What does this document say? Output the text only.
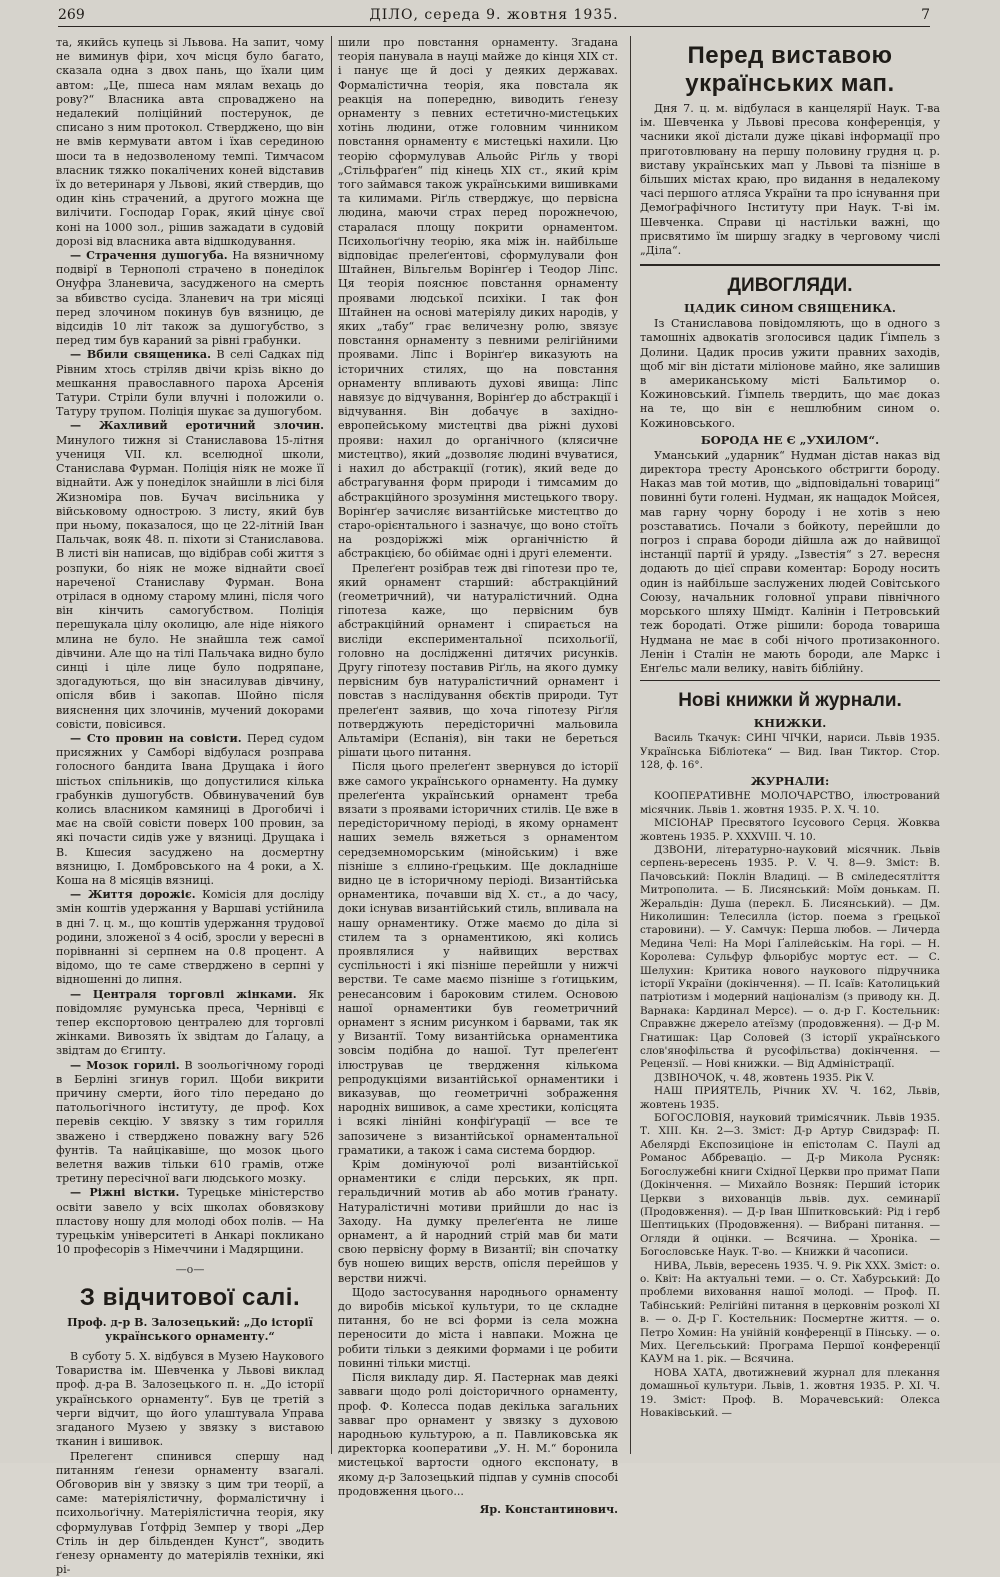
269	ДІЛО, середа 9. жовтня 1935.	7

та, якийсь купець зі Львова. На запит, чому не виминув фіри, хоч місця було багато, сказала одна з двох пань, що їхали цим автом: „Це, пшеса нам мялам вехаць до рову?“ Власника авта спроваджено на недалекий поліційний постерунок, де списано з ним протокол. Стверджено, що він не вмів кермувати автом і їхав серединою шоси та в недозволеному темпі. Тимчасом власник тяжко покалічених коней відставив їх до ветеринаря у Львові, який ствердив, що один кінь страчений, а другого можна ще вилічити. Господар Горак, який цінує свої коні на 1000 зол., рішив зажадати в судовій дорозі від власника авта відшкодування.

— Страчення душогуба. На вязничному подвірї в Тернополі страчено в понеділок Онуфра Зланевича, засудженого на смерть за вбивство сусіда. Зланевич на три місяці перед злочином покинув був вязницю, де відсидів 10 літ також за душогубство, з перед тим був караний за рівні грабунки.

— Вбили священика. В селі Садках під Рівним хтось стріляв двічи крізь вікно до мешкання православного пароха Арсенія Татури. Стріли були влучні і положили о. Татуру трупом. Поліція шукає за душогубом.

— Жахливий еротичний злочин. Минулого тижня зі Станиславова 15-літня учениця VII. кл. вселюдної школи, Станислава Фурман. Поліція ніяк не може її віднайти. Аж у понеділок знайшли в лісі біля Жизноміра пов. Бучач висільника у військовому однострою. З листу, який був при ньому, показалося, що це 22-літній Іван Пальчак, вояк 48. п. піхоти зі Станиславова. В листі він написав, що відібрав собі життя з розпуки, бо ніяк не може віднайти своєї нареченої Станиславу Фурман. Вона отрілася в одному старому млині, після чого він кінчить самогубством. Поліція перешукала цілу околицю, але ніде ніякого млина не було. Не знайшла теж самої дівчини. Але що на тілі Пальчака видно було синці і ціле лице було подряпане, здогадуються, що він знасилував дівчину, опісля вбив і закопав. Шойно після вияснення цих злочинів, мучений докорами совісти, повісився.

— Сто провин на совісти. Перед судом присяжних у Самборі відбулася розправа голосного бандита Івана Друщака і його шістьох спільників, що допустилися кілька грабунків душогубств. Обвинувачений був колись власником камяниці в Дрогобичі і має на своїй совісти поверх 100 провин, за які почасти сидів уже у вязниці. Друщака і В. Кшесия засуджено на досмертну вязницю, І. Домбровського на 4 роки, а Х. Коша на 8 місяців вязниці.

— Життя дорожіє. Комісія для досліду змін коштів удержання у Варшаві устійнила в дні 7. ц. м., що коштів удержання трудової родини, зложеної з 4 осіб, зросли у вересні в порівнанні зі серпнем на 0.8 процент. А відомо, що те саме стверджено в серпні у відношенні до липня.

— Централя торговлі жінками. Як повідомляє румунська преса, Чернівці є тепер експортовою централею для торговлі жінками. Вивозять їх звідтам до Ґалацу, а звідтам до Єгипту.

— Мозок горилі. В зоольогічному городі в Берліні згинув горил. Щоби викрити причину смерти, його тіло передано до патольогічного інституту, де проф. Кох перевів секцію. У звязку з тим горилля зважено і стверджено поважну вагу 526 фунтів. Та найцікавіше, що мозок цього велетня важив тільки 610 грамів, отже третину пересічної ваги людського мозку.

— Ріжні вістки. Турецьке міністерство освіти завело у всіх школах обовязкову пластову ношу для молоді обох полів. — На турецькім університеті в Анкарі покликано 10 професорів з Німеччини і Мадярщини.

—o—
З відчитової салі.
Проф. д-р В. Залозецький: „До історії українського орнаменту.“

В суботу 5. Х. відбувся в Музею Наукового Товариства ім. Шевченка у Львові виклад проф. д-ра В. Залозецького п. н. „До історії українського орнаменту“. Був це третій з черги відчит, що його улаштувала Управа згаданого Музею у звязку з виставою тканин і вишивок.

Прелегент спинився спершу над питанням ґенези орнаменту взагалі. Обговорив він у звязку з цим три теорії, а саме: матеріялістичну, формалістичну і психольоґічну. Матеріялістична теорія, яку сформулував Ґотфрід Земпер у творі „Дер Стіль ін дер більденден Кунст“, зводить ґенезу орнаменту до матеріялів техніки, які рі-

шили про повстання орнаменту. Згадана теорія панувала в науці майже до кінця XIX ст. і панує ще й досі у деяких державах. Формалістична теорія, яка повстала як реакція на попередню, виводить ґенезу орнаменту з певних естетично-мистецьких хотінь людини, отже головним чинником повстання орнаменту є мистецькі нахили. Цю теорію сформулував Альойс Ріґль у творі „Стільфраґен“ під кінець XIX ст., який крім того займався також українськими вишивками та килимами. Ріґль стверджує, що первісна людина, маючи страх перед порожнечою, старалася площу покрити орнаментом. Психольоґічну теорію, яка між ін. найбільше відповідає прелеґентові, сформулували фон Штайнен, Вільгельм Ворінґер і Теодор Ліпс. Ця теорія пояснює повстання орнаменту проявами людської психіки. І так фон Штайнен на основі матеріялу диких народів, у яких „табу“ грає величезну ролю, звязує повстання орнаменту з певними релігійними проявами. Ліпс і Ворінґер виказують на історичних стилях, що на повстання орнаменту впливають духові явища: Ліпс навязує до відчування, Ворінґер до абстракції і відчування. Він добачує в західно-европейському мистецтві два ріжні духові прояви: нахил до органічного (клясичне мистецтво), який „дозволяє людині вчуватися, і нахил до абстракції (готик), який веде до абстрагування форм природи і тимсамим до абстракційного зрозуміння мистецького твору. Ворінґер зачисляє византійське мистецтво до старо-орієнтального і зазначує, що воно стоїть на роздоріжжі між органічністю й абстракцією, бо обіймає одні і другі елементи.

Прелеґент розібрав теж дві гіпотези про те, який орнамент старший: абстракційний (геометричний), чи натуралістичний. Одна гіпотеза каже, що первісним був абстракційний орнамент і спирається на висліди експериментальної психольоґії, головно на дослідженні дитячих рисунків. Другу гіпотезу поставив Ріґль, на якого думку первісним був натуралістичний орнамент і повстав з наслідування обєктів природи. Тут прелеґент заявив, що хоча гіпотезу Ріґля потверджують передісторичні мальовила Альтаміри (Еспанія), він таки не береться рішати цього питання.

Після цього прелеґент звернувся до історії вже самого українського орнаменту. На думку прелеґента український орнамент треба вязати з проявами історичних стилів. Це вже в передісторичному періоді, в якому орнамент наших земель вяжеться з орнаментом середземноморським (мінойським) і вже пізніше з єллино-ґрецьким. Ще докладніше видно це в історичному періоді. Византійська орнаментика, почавши від X. ст., а до часу, доки існував византійський стиль, впливала на нашу орнаментику. Отже маємо до діла зі стилем та з орнаментикою, які колись проявлялися у найвищих верствах суспільності і які пізніше перейшли у нижчі верстви. Те саме маємо пізніше з ґотицьким, ренесансовим і бароковим стилем. Основою нашої орнаментики був геометричний орнамент з ясним рисунком і барвами, так як у Византії. Тому византійська орнаментика зовсім подібна до нашої. Тут прелеґент ілюстрував це твердження кількома репродукціями византійської орнаментики і виказував, що геометричні зображення народніх вишивок, а саме хрестики, колісцята і всякі лінійні конфіґурації — все те запозичене з византійської орнаментальної граматики, а також і сама система бордюр.

Крім домінуючої ролі византійської орнаментики є сліди перських, як прп. геральдичний мотив ab або мотив ґранату. Натуралістичні мотиви прийшли до нас із Заходу. На думку прелеґента не лише орнамент, а й народний стрій мав би мати свою первісну форму в Византії; він спочатку був ношею вищих верств, опісля перейшов у верстви нижчі.

Щодо застосування народнього орнаменту до виробів міської культури, то це складне питання, бо не всі форми із села можна переносити до міста і навпаки. Можна це робити тільки з деякими формами і це робити повинні тільки мистці.

Після викладу дир. Я. Пастернак мав деякі завваги щодо ролі доісторичного орнаменту, проф. Ф. Колесса подав декілька загальних завваг про орнамент у звязку з духовою народньою культурою, а п. Павликовська як директорка кооперативи „У. Н. М.“ боронила мистецької вартости одного експонату, в якому д-р Залозецький підпав у сумнів способі продовження цього...

Яр. Константинович.
Перед виставою українських мап.

Дня 7. ц. м. відбулася в канцелярії Наук. Т-ва ім. Шевченка у Львові пресова конференція, у часники якої дістали дуже цікаві інформації про приготовлювану на першу половину грудня ц. р. виставу українських мап у Львові та пізніше в більших містах краю, про видання в недалекому часі першого атляса України та про існування при Демоґрафічного Інституту при Наук. Т-ві ім. Шевченка. Справи ці настільки важні, що присвятимо їм ширшу згадку в черговому числі „Діла“.

ДИВОГЛЯДИ.
ЦАДИК СИНОМ СВЯЩЕНИКА.

Із Станиславова повідомляють, що в одного з тамошніх адвокатів зголосився цадик Ґімпель з Долини. Цадик просив ужити правних заходів, щоб міг він дістати міліонове майно, яке залишив в американському місті Бальтимор о. Кожиновський. Ґімпель твердить, що має доказ на те, що він є нешлюбним сином о. Кожиновського.

БОРОДА НЕ Є „УХИЛОМ“.

Уманський „ударник“ Нудман дістав наказ від директора тресту Аронського обстригти бороду. Наказ мав той мотив, що „відповідальні товариці“ повинні бути голені. Нудман, як нащадок Мойсея, мав гарну чорну бороду і не хотів з нею розставатись. Почали з бойкоту, перейшли до погроз і справа бороди дійшла аж до найвищої інстанції партії й уряду. „Ізвестія“ з 27. вересня додають до цієї справи коментар: Бороду носить один із найбільше заслужених людей Совітського Союзу, начальник головної управи північного морського шляху Шмідт. Калінін і Петровський теж бородаті. Отже рішили: борода товариша Нудмана не має в собі нічого протизаконного. Ленін і Сталін не мають бороди, але Маркс і Енґельс мали велику, навіть біблійну.

Нові книжки й журнали.
КНИЖКИ.

Василь Ткачук: СИНІ ЧІЧКИ, нариси. Львів 1935. Українська Бібліотека“ — Вид. Іван Тиктор. Стор. 128, ф. 16°.

ЖУРНАЛИ:

КООПЕРАТИВНЕ МОЛОЧАРСТВО, ілюстрований місячник. Львів 1. жовтня 1935. Р. Х. Ч. 10.

МІСІОНАР Пресвятого Ісусового Серця. Жовква жовтень 1935. Р. XXXVIII. Ч. 10.

ДЗВОНИ, літературно-науковий місячник. Львів серпень-вересень 1935. Р. V. Ч. 8—9. Зміст: В. Пачовський: Поклін Владиці. — В сміледесятліття Митрополита. — Б. Лисянський: Моїм донькам. П. Жеральдін: Душа (перекл. Б. Лисянський). — Дм. Николишин: Телесилла (істор. поема з ґрецької старовини). — У. Самчук: Перша любов. — Личерда Медина Челі: На Морі Ґалілейськім. На горі. — Н. Королева: Сульфур фльорібус мортус ест. — С. Шелухин: Критика нового наукового підручника історії України (докінчення). — П. Ісаїв: Католицький патріотизм і модерний націоналізм (з приводу кн. Д. Варнака: Кардинал Мерсє). — о. д-р Г. Костельник: Справжнє джерело атеїзму (продовження). — Д-р М. Гнатишак: Цар Соловей (З історії українського слов'янофільства й русофільства) докінчення. — Рецензії. — Нові книжки. — Від Адміністрації.

ДЗВІНОЧОК, ч. 48, жовтень 1935. Рік V.

НАШ ПРИЯТЕЛЬ, Річник XV. Ч. 162, Львів, жовтень 1935.

БОГОСЛОВІЯ, науковий тримісячник. Львів 1935. Т. XIII. Кн. 2—3. Зміст: Д-р Артур Свидзраф: П. Абелярді Експозиціоне ін епістолам С. Паулі ад Романос Аббреваціо. — Д-р Микола Русняк: Богослужебні книги Східної Церкви про примат Папи (Докінчення. — Михайло Возняк: Перший історик Церкви з вихованців львів. дух. семинарії (Продовження). — Д-р Іван Шпитковський: Рід і герб Шептицьких (Продовження). — Вибрані питання. — Огляди й оцінки. — Всячина. — Хроніка. — Богословське Наук. Т-во. — Книжки й часописи.

НИВА, Львів, вересень 1935. Ч. 9. Рік XXX. Зміст: о. о. Квіт: На актуальні теми. — о. Ст. Хабурський: До проблеми виховання нашої молоді. — Проф. П. Табінський: Релігійні питання в церковнім розколі XI в. — о. Д-р Г. Костельник: Посмертне життя. — о. Петро Хомин: На унійній конференції в Пінську. — о. Мих. Цегельський: Програма Першої конференції КАУМ на 1. рік. — Всячина.

НОВА ХАТА, двотижневий журнал для плекання домашньої культури. Львів, 1. жовтня 1935. Р. XI. Ч. 19. Зміст: Проф. В. Морачевський: Олекса Новаківський. —
